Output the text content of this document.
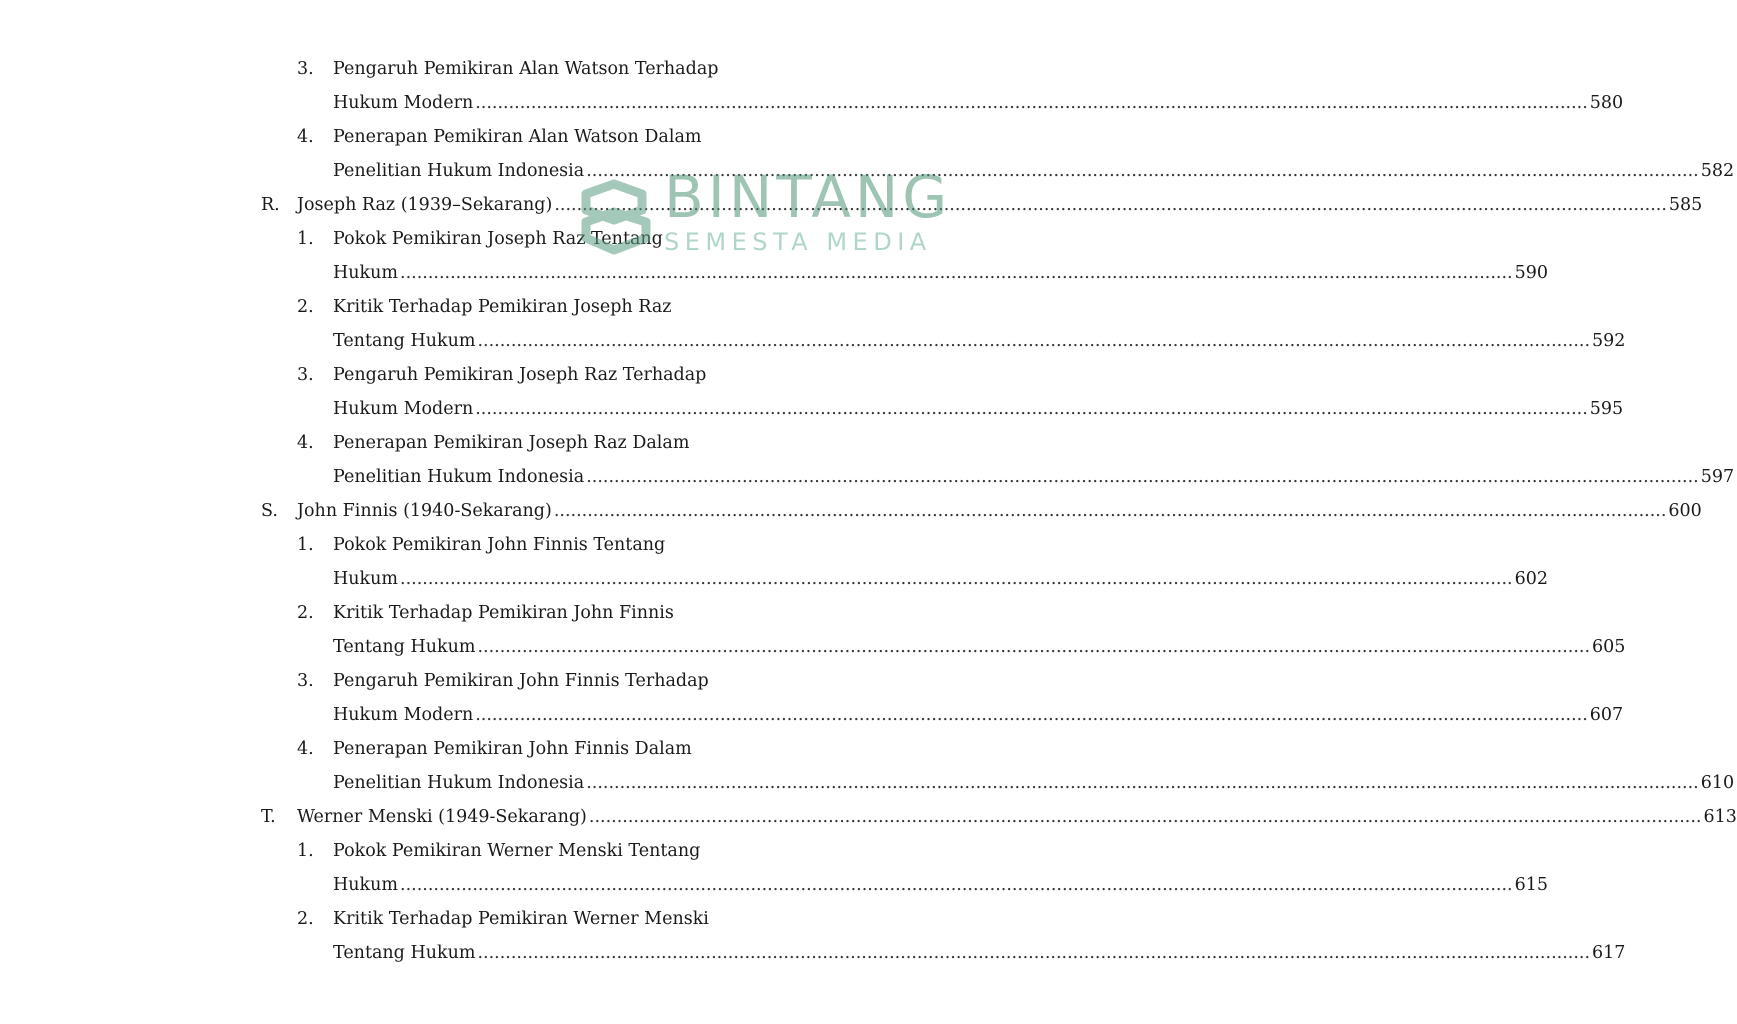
3. Pengaruh Pemikiran Alan Watson Terhadap
Hukum Modern ........................................................................................................................................................................................................ 580
4. Penerapan Pemikiran Alan Watson Dalam
Penelitian Hukum Indonesia ........................................................................................................................................................................................................ 582
R. Joseph Raz (1939–Sekarang) ........................................................................................................................................................................................................ 585
1. Pokok Pemikiran Joseph Raz Tentang
Hukum ........................................................................................................................................................................................................ 590
2. Kritik Terhadap Pemikiran Joseph Raz
Tentang Hukum ........................................................................................................................................................................................................ 592
3. Pengaruh Pemikiran Joseph Raz Terhadap
Hukum Modern ........................................................................................................................................................................................................ 595
4. Penerapan Pemikiran Joseph Raz Dalam
Penelitian Hukum Indonesia ........................................................................................................................................................................................................ 597
S. John Finnis (1940-Sekarang) ........................................................................................................................................................................................................ 600
1. Pokok Pemikiran John Finnis Tentang
Hukum ........................................................................................................................................................................................................ 602
2. Kritik Terhadap Pemikiran John Finnis
Tentang Hukum ........................................................................................................................................................................................................ 605
3. Pengaruh Pemikiran John Finnis Terhadap
Hukum Modern ........................................................................................................................................................................................................ 607
4. Penerapan Pemikiran John Finnis Dalam
Penelitian Hukum Indonesia ........................................................................................................................................................................................................ 610
T. Werner Menski (1949-Sekarang) ........................................................................................................................................................................................................ 613
1. Pokok Pemikiran Werner Menski Tentang
Hukum ........................................................................................................................................................................................................ 615
2. Kritik Terhadap Pemikiran Werner Menski
Tentang Hukum ........................................................................................................................................................................................................ 617
BINTANG
SEMESTA MEDIA
